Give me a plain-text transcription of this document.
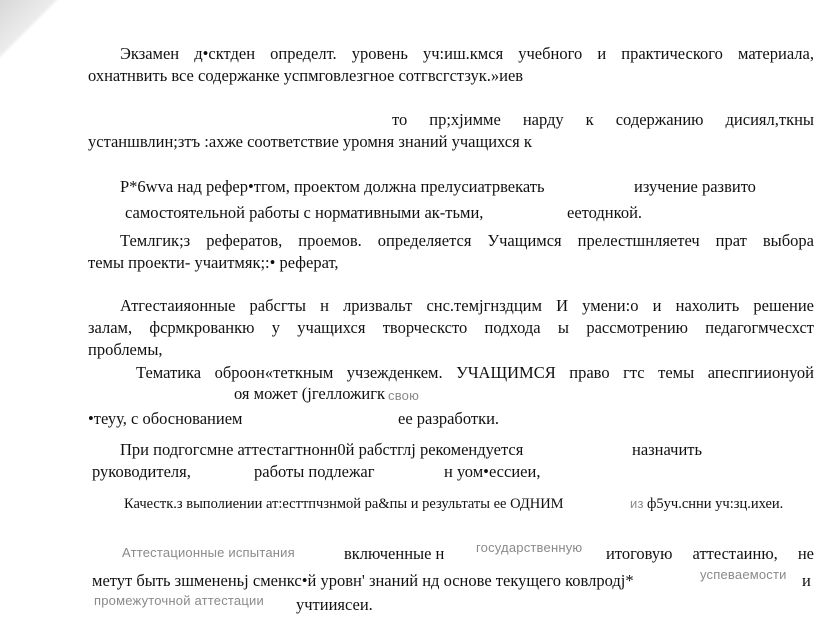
Экзамен д•сктден определт. уровень уч:иш.кмся учебного и практического материала,
охнатнвить все содержанке успмговлезгное сотгвсгстзук.»иев
то пр;хjимме нарду к содержанию дисиял,ткны
устаншвлин;зтъ :ахже соответствие уромня знаний учащихся к
Р*6wvа над рефер•тгом, проектом должна прелусиатрвекать	изучение развито
самостоятельной работы с нормативными ак-тьми,	еетоднкой.
Темлгик;з рефератов, проемов. определяется Учащимся прелестшнляетеч прат выбора
темы проекти- учаитмяк;:• реферат,
Атгестаияонные рабсгты н лризвальт снс.темjгнздцим И умени:о и нахолить решение
залам, фсрмкрованкю у учащихся творческсто подхода ы рассмотрению педагогмчесхст
проблемы,
Тематика оброон«теткным учзежденкем. УЧАЩИМСЯ право гтс темы апеспгиионуой
оя может (jгелложигк свою
•теуу, с обоснованием	ее разработки.
При подгогсмне аттестагтнонн0й рабстглј рекомендуется	назначить
руководителя,	работы подлежаг	н уом•ессиеи,
Качестк.з выполиении ат:есттпчзнмой ра&пы и результаты ее ОДНИМ	из ф5уч.снни уч:зц.ихеи.
Аттестационные испытания	включенные н государственную итоговую аттестаиню, не
метут быть зшмененьј сменкс•й уровн' знаний нд основе текущего ковлродј*	успеваемости и
промежуточной аттестации учтииясеи.
